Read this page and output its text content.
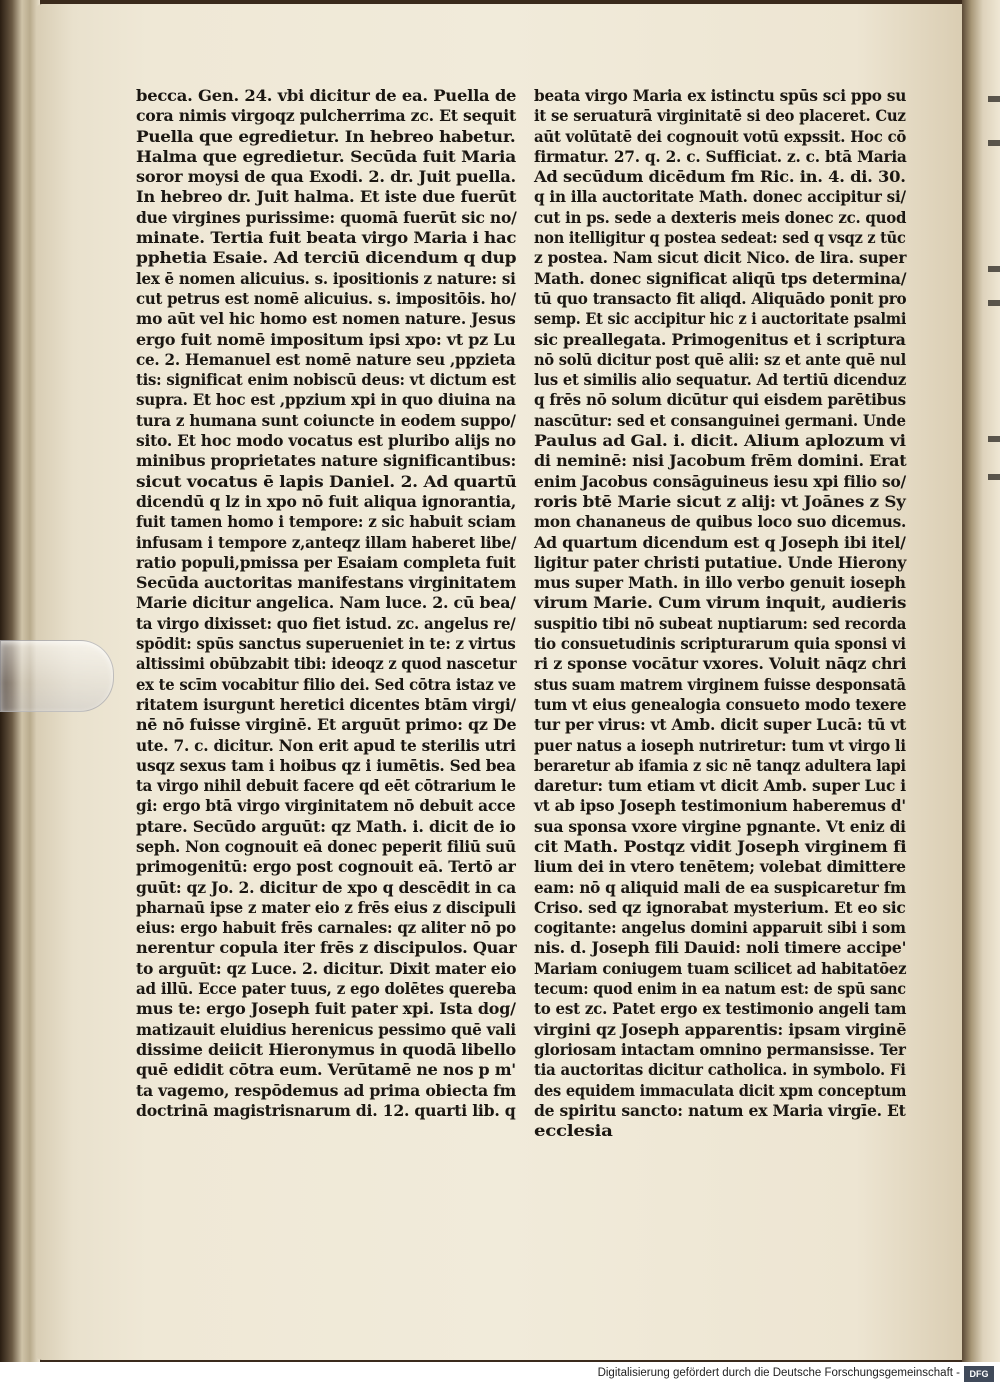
becca. Gen. 24. vbi dicitur de ea. Puella de
cora nimis virgoqz pulcherrima zc. Et sequit
Puella que egredietur. In hebreo habetur.
Halma que egredietur. Secūda fuit Maria
soror moysi de qua Exodi. 2. dr. Juit puella.
In hebreo dr. Juit halma. Et iste due fuerūt
due virgines purissime: quomā fuerūt sic no/
minate. Tertia fuit beata virgo Maria i hac
pphetia Esaie. Ad terciū dicendum q dup
lex ē nomen alicuius. s. ipositionis z nature: si
cut petrus est nomē alicuius. s. impositōis. ho/
mo aūt vel hic homo est nomen nature. Jesus
ergo fuit nomē impositum ipsi xpo: vt pz Lu
ce. 2. Hemanuel est nomē nature seu ,ppzieta
tis: significat enim nobiscū deus: vt dictum est
supra. Et hoc est ,ppzium xpi in quo diuina na
tura z humana sunt coiuncte in eodem suppo/
sito. Et hoc modo vocatus est pluribo alijs no
minibus proprietates nature significantibus:
sicut vocatus ē lapis Daniel. 2. Ad quartū
dicendū q lz in xpo nō fuit aliqua ignorantia,
fuit tamen homo i tempore: z sic habuit sciam
infusam i tempore z,anteqz illam haberet libe/
ratio populi,pmissa per Esaiam completa fuit
Secūda auctoritas manifestans virginitatem
Marie dicitur angelica. Nam luce. 2. cū bea/
ta virgo dixisset: quo fiet istud. zc. angelus re/
spōdit: spūs sanctus superueniet in te: z virtus
altissimi obūbzabit tibi: ideoqz z quod nascetur
ex te scīm vocabitur filio dei. Sed cōtra istaz ve
ritatem isurgunt heretici dicentes btām virgi/
nē nō fuisse virginē. Et arguūt primo: qz De
ute. 7. c. dicitur. Non erit apud te sterilis utri
usqz sexus tam i hoibus qz i iumētis. Sed bea
ta virgo nihil debuit facere qd eēt cōtrarium le
gi: ergo btā virgo virginitatem nō debuit acce
ptare. Secūdo arguūt: qz Math. i. dicit de io
seph. Non cognouit eā donec peperit filiū suū
primogenitū: ergo post cognouit eā. Tertō ar
guūt: qz Jo. 2. dicitur de xpo q descēdit in ca
pharnaū ipse z mater eio z frēs eius z discipuli
eius: ergo habuit frēs carnales: qz aliter nō po
nerentur copula iter frēs z discipulos. Quar
to arguūt: qz Luce. 2. dicitur. Dixit mater eio
ad illū. Ecce pater tuus, z ego dolētes quereba
mus te: ergo Joseph fuit pater xpi. Ista dog/
matizauit eluidius herenicus pessimo quē vali
dissime deiicit Hieronymus in quodā libello
quē edidit cōtra eum. Verūtamē ne nos p m'
ta vagemo, respōdemus ad prima obiecta fm
doctrinā magistrisnarum di. 12. quarti lib. q
beata virgo Maria ex istinctu spūs sci ppo su
it se seruaturā virginitatē si deo placeret. Cuz
aūt volūtatē dei cognouit votū expssit. Hoc cō
firmatur. 27. q. 2. c. Sufficiat. z. c. btā Maria
Ad secūdum dicēdum fm Ric. in. 4. di. 30.
q in illa auctoritate Math. donec accipitur si/
cut in ps. sede a dexteris meis donec zc. quod
non itelligitur q postea sedeat: sed q vsqz z tūc
z postea. Nam sicut dicit Nico. de lira. super
Math. donec significat aliqū tps determina/
tū quo transacto fit aliqd. Aliquādo ponit pro
semp. Et sic accipitur hic z i auctoritate psalmi
sic preallegata. Primogenitus et i scriptura
nō solū dicitur post quē alii: sz et ante quē nul
lus et similis alio sequatur. Ad tertiū dicenduz
q frēs nō solum dicūtur qui eisdem parētibus
nascūtur: sed et consanguinei germani. Unde
Paulus ad Gal. i. dicit. Alium aplozum vi
di neminē: nisi Jacobum frēm domini. Erat
enim Jacobus consāguineus iesu xpi filio so/
roris btē Marie sicut z alij: vt Joānes z Sy
mon chananeus de quibus loco suo dicemus.
Ad quartum dicendum est q Joseph ibi itel/
ligitur pater christi putatiue. Unde Hierony
mus super Math. in illo verbo genuit ioseph
virum Marie. Cum virum inquit, audieris
suspitio tibi nō subeat nuptiarum: sed recorda
tio consuetudinis scripturarum quia sponsi vi
ri z sponse vocātur vxores. Voluit nāqz chri
stus suam matrem virginem fuisse desponsatā
tum vt eius genealogia consueto modo texere
tur per virus: vt Amb. dicit super Lucā: tū vt
puer natus a ioseph nutriretur: tum vt virgo li
beraretur ab ifamia z sic nē tanqz adultera lapi
daretur: tum etiam vt dicit Amb. super Luc i
vt ab ipso Joseph testimonium haberemus d'
sua sponsa vxore virgine pgnante. Vt eniz di
cit Math. Postqz vidit Joseph virginem fi
lium dei in vtero tenētem; volebat dimittere
eam: nō q aliquid mali de ea suspicaretur fm
Criso. sed qz ignorabat mysterium. Et eo sic
cogitante: angelus domini apparuit sibi i som
nis. d. Joseph fili Dauid: noli timere accipe'
Mariam coniugem tuam scilicet ad habitatōez
tecum: quod enim in ea natum est: de spū sanc
to est zc. Patet ergo ex testimonio angeli tam
virgini qz Joseph apparentis: ipsam virginē
gloriosam intactam omnino permansisse. Ter
tia auctoritas dicitur catholica. in symbolo. Fi
des equidem immaculata dicit xpm conceptum
de spiritu sancto: natum ex Maria virgīe. Et
ecclesia
Digitalisierung gefördert durch die Deutsche Forschungsgemeinschaft -	DFG
